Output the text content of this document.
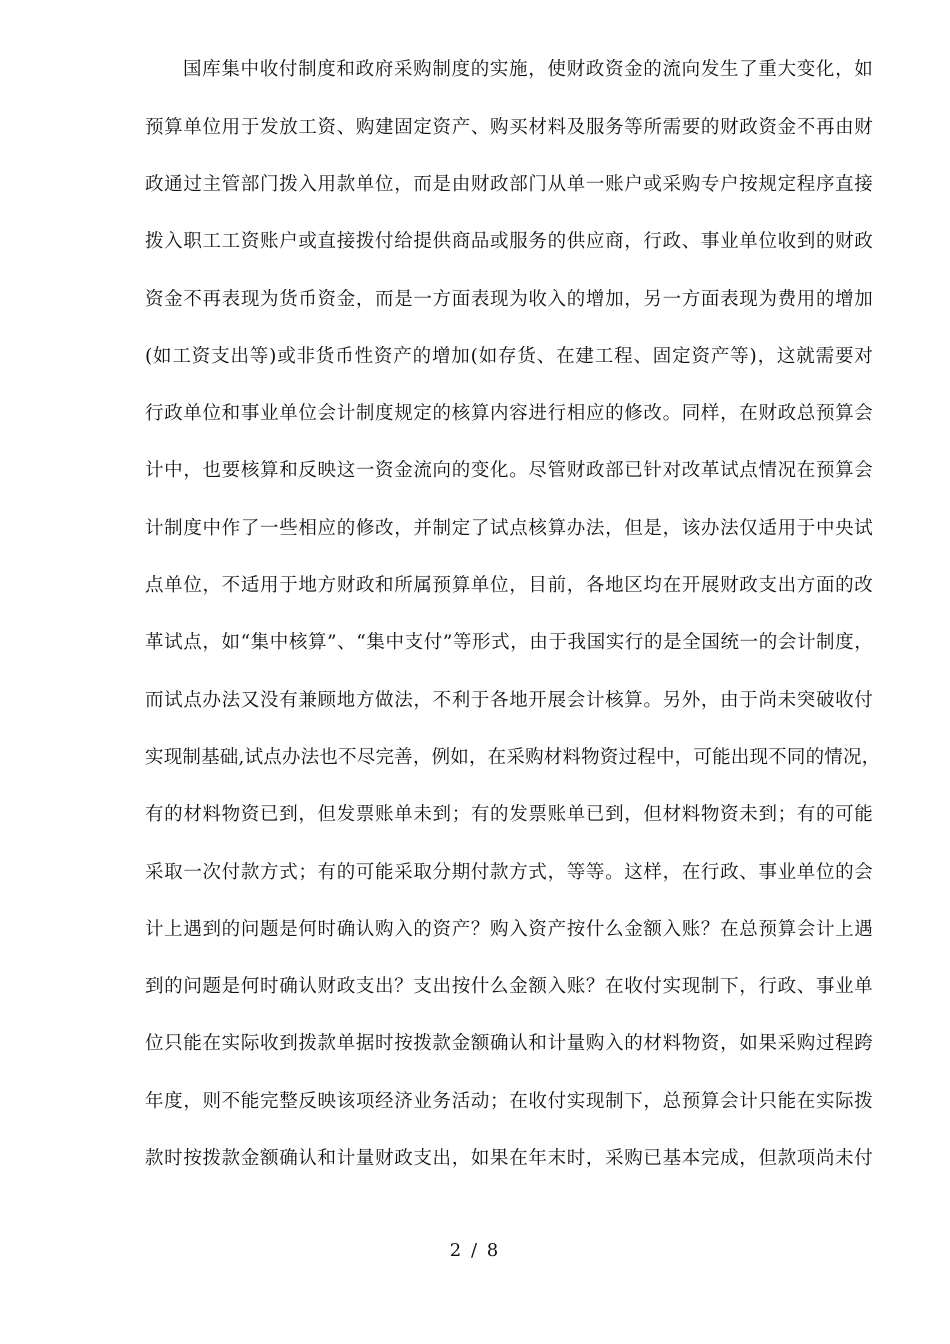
国库集中收付制度和政府采购制度的实施，使财政资金的流向发生了重大变化，如
预算单位用于发放工资、购建固定资产、购买材料及服务等所需要的财政资金不再由财
政通过主管部门拨入用款单位，而是由财政部门从单一账户或采购专户按规定程序直接
拨入职工工资账户或直接拨付给提供商品或服务的供应商，行政、事业单位收到的财政
资金不再表现为货币资金，而是一方面表现为收入的增加，另一方面表现为费用的增加
(如工资支出等)或非货币性资产的增加(如存货、在建工程、固定资产等)，这就需要对
行政单位和事业单位会计制度规定的核算内容进行相应的修改。同样，在财政总预算会
计中，也要核算和反映这一资金流向的变化。尽管财政部已针对改革试点情况在预算会
计制度中作了一些相应的修改，并制定了试点核算办法，但是，该办法仅适用于中央试
点单位，不适用于地方财政和所属预算单位，目前，各地区均在开展财政支出方面的改
革试点，如“集中核算”、“集中支付”等形式，由于我国实行的是全国统一的会计制度，
而试点办法又没有兼顾地方做法，不利于各地开展会计核算。另外，由于尚未突破收付
实现制基础,试点办法也不尽完善，例如，在采购材料物资过程中，可能出现不同的情况，
有的材料物资已到，但发票账单未到；有的发票账单已到，但材料物资未到；有的可能
采取一次付款方式；有的可能采取分期付款方式，等等。这样，在行政、事业单位的会
计上遇到的问题是何时确认购入的资产？购入资产按什么金额入账？在总预算会计上遇
到的问题是何时确认财政支出？支出按什么金额入账？在收付实现制下，行政、事业单
位只能在实际收到拨款单据时按拨款金额确认和计量购入的材料物资，如果采购过程跨
年度，则不能完整反映该项经济业务活动；在收付实现制下，总预算会计只能在实际拨
款时按拨款金额确认和计量财政支出，如果在年末时，采购已基本完成，但款项尚未付
2 / 8
